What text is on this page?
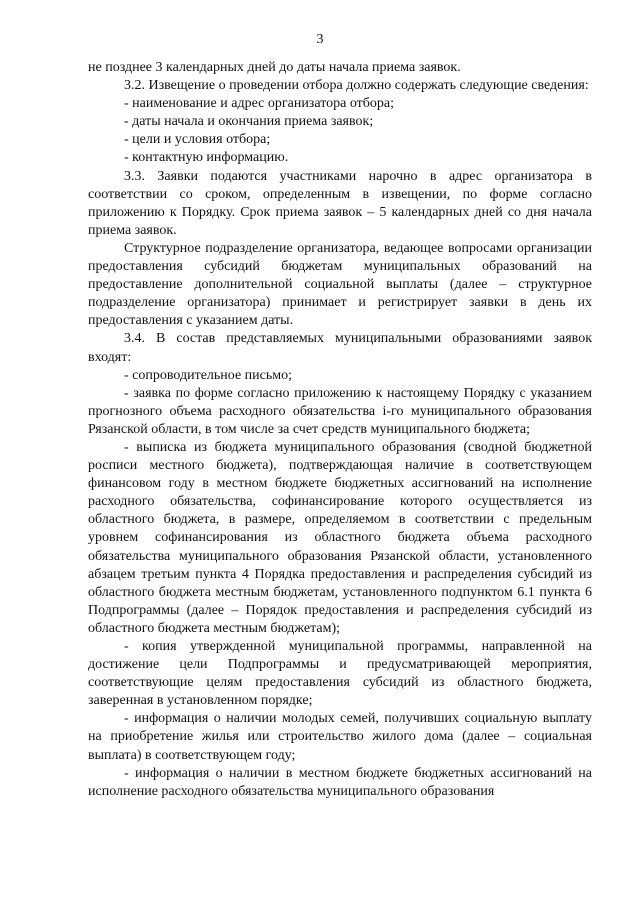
3

не позднее 3 календарных дней до даты начала приема заявок.

3.2. Извещение о проведении отбора должно содержать следующие сведения:

- наименование и адрес организатора отбора;

- даты начала и окончания приема заявок;

- цели и условия отбора;

- контактную информацию.

3.3. Заявки подаются участниками нарочно в адрес организатора в соответствии со сроком, определенным в извещении, по форме согласно приложению к Порядку. Срок приема заявок – 5 календарных дней со дня начала приема заявок.

Структурное подразделение организатора, ведающее вопросами организации предоставления субсидий бюджетам муниципальных образований на предоставление дополнительной социальной выплаты (далее – структурное подразделение организатора) принимает и регистрирует заявки в день их предоставления с указанием даты.

3.4. В состав представляемых муниципальными образованиями заявок входят:

- сопроводительное письмо;

- заявка по форме согласно приложению к настоящему Порядку с указанием прогнозного объема расходного обязательства i-го муниципального образования Рязанской области, в том числе за счет средств муниципального бюджета;

- выписка из бюджета муниципального образования (сводной бюджетной росписи местного бюджета), подтверждающая наличие в соответствующем финансовом году в местном бюджете бюджетных ассигнований на исполнение расходного обязательства, софинансирование которого осуществляется из областного бюджета, в размере, определяемом в соответствии с предельным уровнем софинансирования из областного бюджета объема расходного обязательства муниципального образования Рязанской области, установленного абзацем третьим пункта 4 Порядка предоставления и распределения субсидий из областного бюджета местным бюджетам, установленного подпунктом 6.1 пункта 6 Подпрограммы (далее – Порядок предоставления и распределения субсидий из областного бюджета местным бюджетам);

- копия утвержденной муниципальной программы, направленной на достижение цели Подпрограммы и предусматривающей мероприятия, соответствующие целям предоставления субсидий из областного бюджета, заверенная в установленном порядке;

- информация о наличии молодых семей, получивших социальную выплату на приобретение жилья или строительство жилого дома (далее – социальная выплата) в соответствующем году;

- информация о наличии в местном бюджете бюджетных ассигнований на исполнение расходного обязательства муниципального образования
